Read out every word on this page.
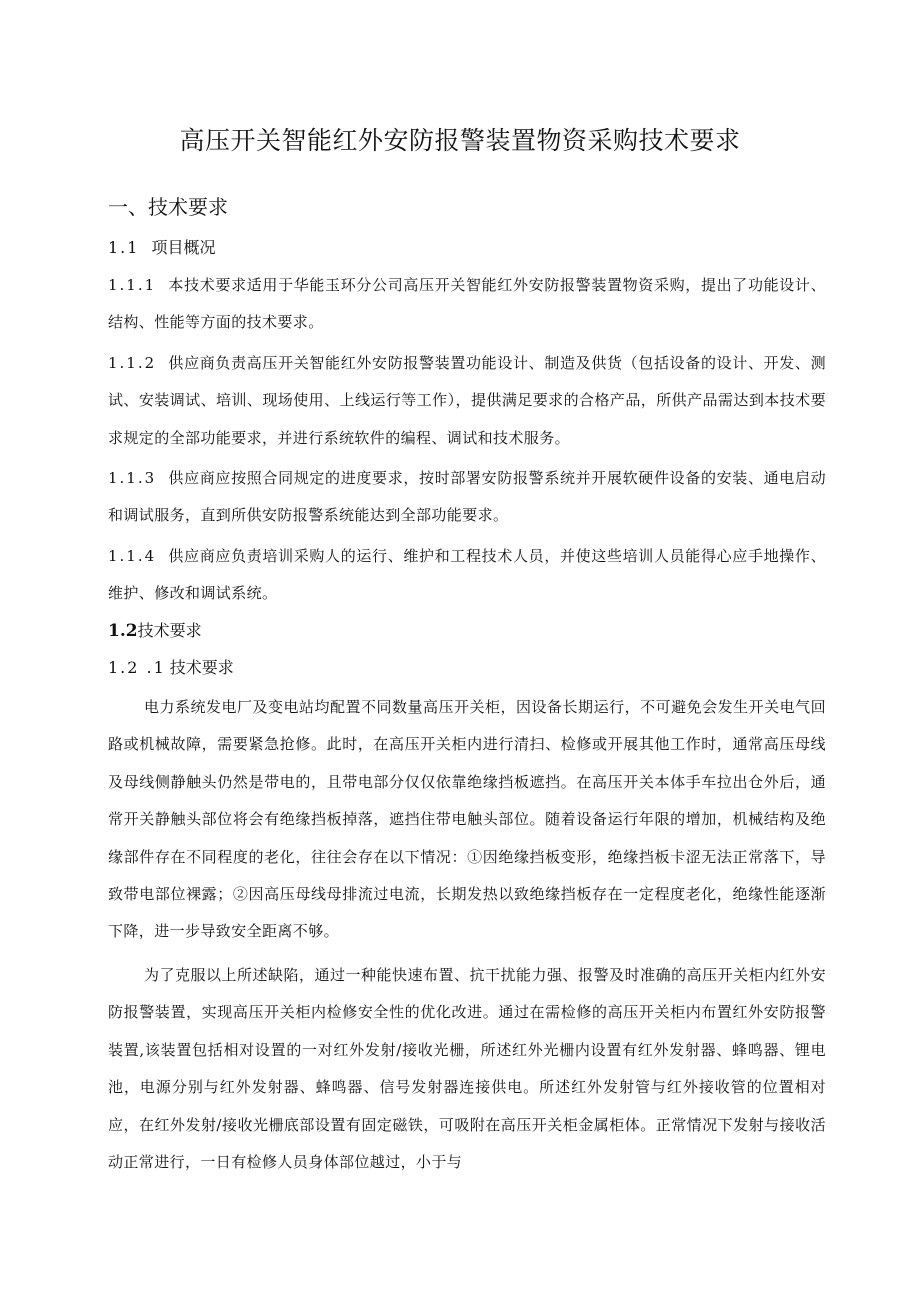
高压开关智能红外安防报警装置物资采购技术要求
一、技术要求
1.1 项目概况
1.1.1 本技术要求适用于华能玉环分公司高压开关智能红外安防报警装置物资采购，提出了功能设计、结构、性能等方面的技术要求。
1.1.2 供应商负责高压开关智能红外安防报警装置功能设计、制造及供货（包括设备的设计、开发、测试、安装调试、培训、现场使用、上线运行等工作），提供满足要求的合格产品，所供产品需达到本技术要求规定的全部功能要求，并进行系统软件的编程、调试和技术服务。
1.1.3 供应商应按照合同规定的进度要求，按时部署安防报警系统并开展软硬件设备的安装、通电启动和调试服务，直到所供安防报警系统能达到全部功能要求。
1.1.4 供应商应负责培训采购人的运行、维护和工程技术人员，并使这些培训人员能得心应手地操作、维护、修改和调试系统。
1.2技术要求
1.2 .1 技术要求
电力系统发电厂及变电站均配置不同数量高压开关柜，因设备长期运行，不可避免会发生开关电气回路或机械故障，需要紧急抢修。此时，在高压开关柜内进行清扫、检修或开展其他工作时，通常高压母线及母线侧静触头仍然是带电的，且带电部分仅仅依靠绝缘挡板遮挡。在高压开关本体手车拉出仓外后，通常开关静触头部位将会有绝缘挡板掉落，遮挡住带电触头部位。随着设备运行年限的增加，机械结构及绝缘部件存在不同程度的老化，往往会存在以下情况：①因绝缘挡板变形，绝缘挡板卡涩无法正常落下，导致带电部位裸露；②因高压母线母排流过电流，长期发热以致绝缘挡板存在一定程度老化，绝缘性能逐渐下降，进一步导致安全距离不够。
为了克服以上所述缺陷，通过一种能快速布置、抗干扰能力强、报警及时准确的高压开关柜内红外安防报警装置，实现高压开关柜内检修安全性的优化改进。通过在需检修的高压开关柜内布置红外安防报警装置,该装置包括相对设置的一对红外发射/接收光栅，所述红外光栅内设置有红外发射器、蜂鸣器、锂电池，电源分别与红外发射器、蜂鸣器、信号发射器连接供电。所述红外发射管与红外接收管的位置相对应，在红外发射/接收光栅底部设置有固定磁铁，可吸附在高压开关柜金属柜体。正常情况下发射与接收活动正常进行，一日有检修人员身体部位越过，小于与
